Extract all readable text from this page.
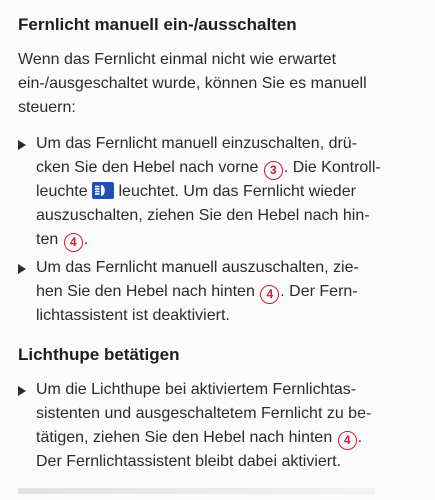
Fernlicht manuell ein-/ausschalten

Wenn das Fernlicht einmal nicht wie erwartet
ein-/ausgeschaltet wurde, können Sie es manuell
steuern:

Um das Fernlicht manuell einzuschalten, drü-
cken Sie den Hebel nach vorne 3 . Die Kontroll-
leuchte
leuchtet. Um das Fernlicht wieder
auszuschalten, ziehen Sie den Hebel nach hin-
ten 4 .
Um das Fernlicht manuell auszuschalten, zie-
hen Sie den Hebel nach hinten 4 . Der Fern-
lichtassistent ist deaktiviert.
Lichthupe betätigen
Um die Lichthupe bei aktiviertem Fernlichtas-
sistenten und ausgeschaltetem Fernlicht zu be-
tätigen, ziehen Sie den Hebel nach hinten 4 .
Der Fernlichtassistent bleibt dabei aktiviert.
